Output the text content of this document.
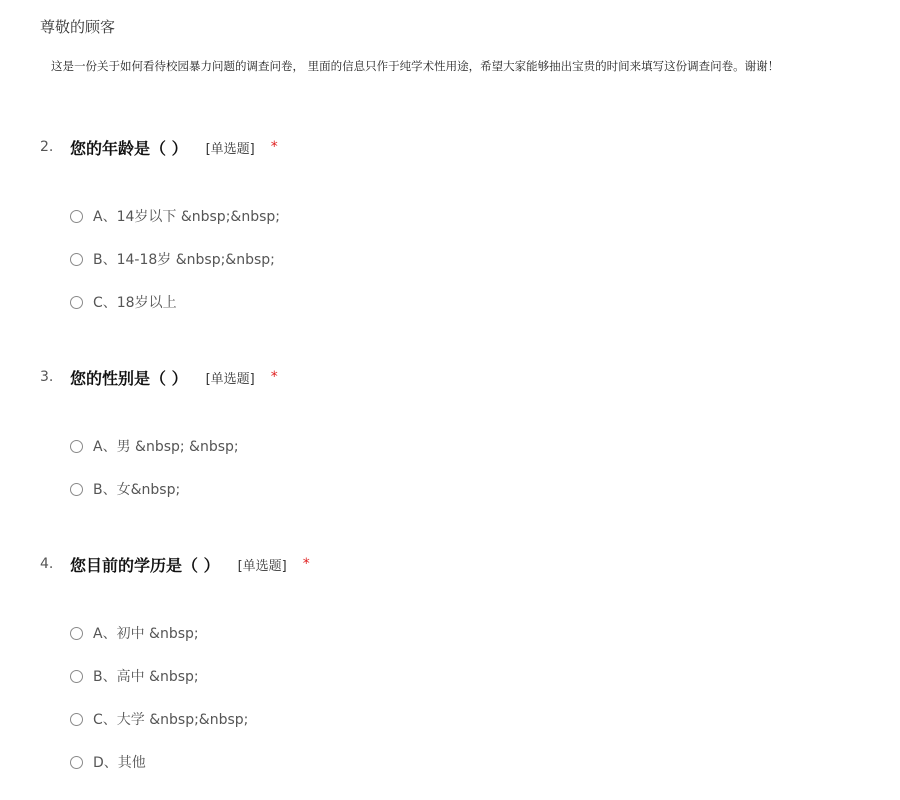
尊敬的顾客

这是一份关于如何看待校园暴力问题的调查问卷， 里面的信息只作于纯学术性用途，希望大家能够抽出宝贵的时间来填写这份调查问卷。谢谢！

2.	您的年龄是（ ） [单选题] *
A、14岁以下 &nbsp;&nbsp;
B、14-18岁 &nbsp;&nbsp;
C、18岁以上
3.	您的性别是（ ） [单选题] *
A、男 &nbsp; &nbsp;
B、女&nbsp;
4.	您目前的学历是（ ） [单选题] *
A、初中 &nbsp;
B、高中 &nbsp;
C、大学 &nbsp;&nbsp;
D、其他
